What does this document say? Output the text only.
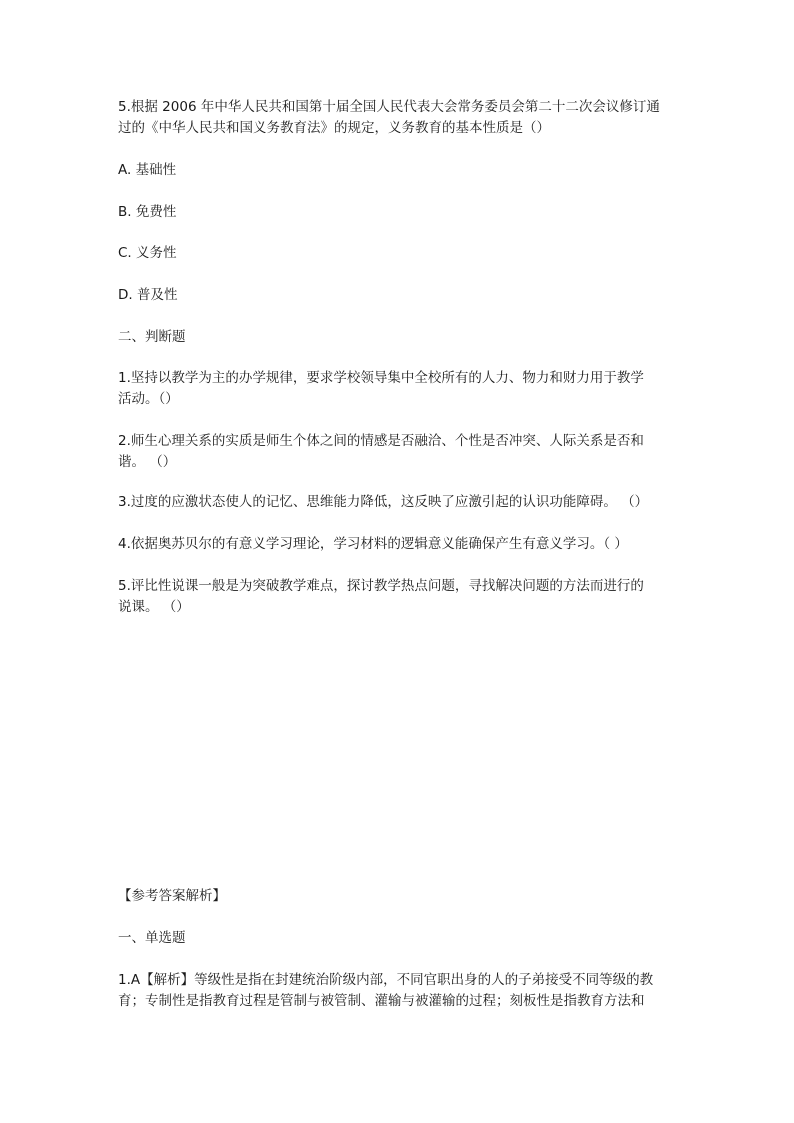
5.根据 2006 年中华人民共和国第十届全国人民代表大会常务委员会第二十二次会议修订通
过的《中华人民共和国义务教育法》的规定，义务教育的基本性质是（）
A. 基础性
B. 免费性
C. 义务性
D. 普及性
二、判断题
1.坚持以教学为主的办学规律，要求学校领导集中全校所有的人力、物力和财力用于教学
活动。（）
2.师生心理关系的实质是师生个体之间的情感是否融洽、个性是否冲突、人际关系是否和
谐。 （）
3.过度的应激状态使人的记忆、思维能力降低，这反映了应激引起的认识功能障碍。 （）
4.依据奥苏贝尔的有意义学习理论，学习材料的逻辑意义能确保产生有意义学习。（ ）
5.评比性说课一般是为突破教学难点，探讨教学热点问题，寻找解决问题的方法而进行的
说课。 （）
【参考答案解析】
一、单选题
1.A【解析】等级性是指在封建统治阶级内部，不同官职出身的人的子弟接受不同等级的教
育；专制性是指教育过程是管制与被管制、灌输与被灌输的过程；刻板性是指教育方法和
